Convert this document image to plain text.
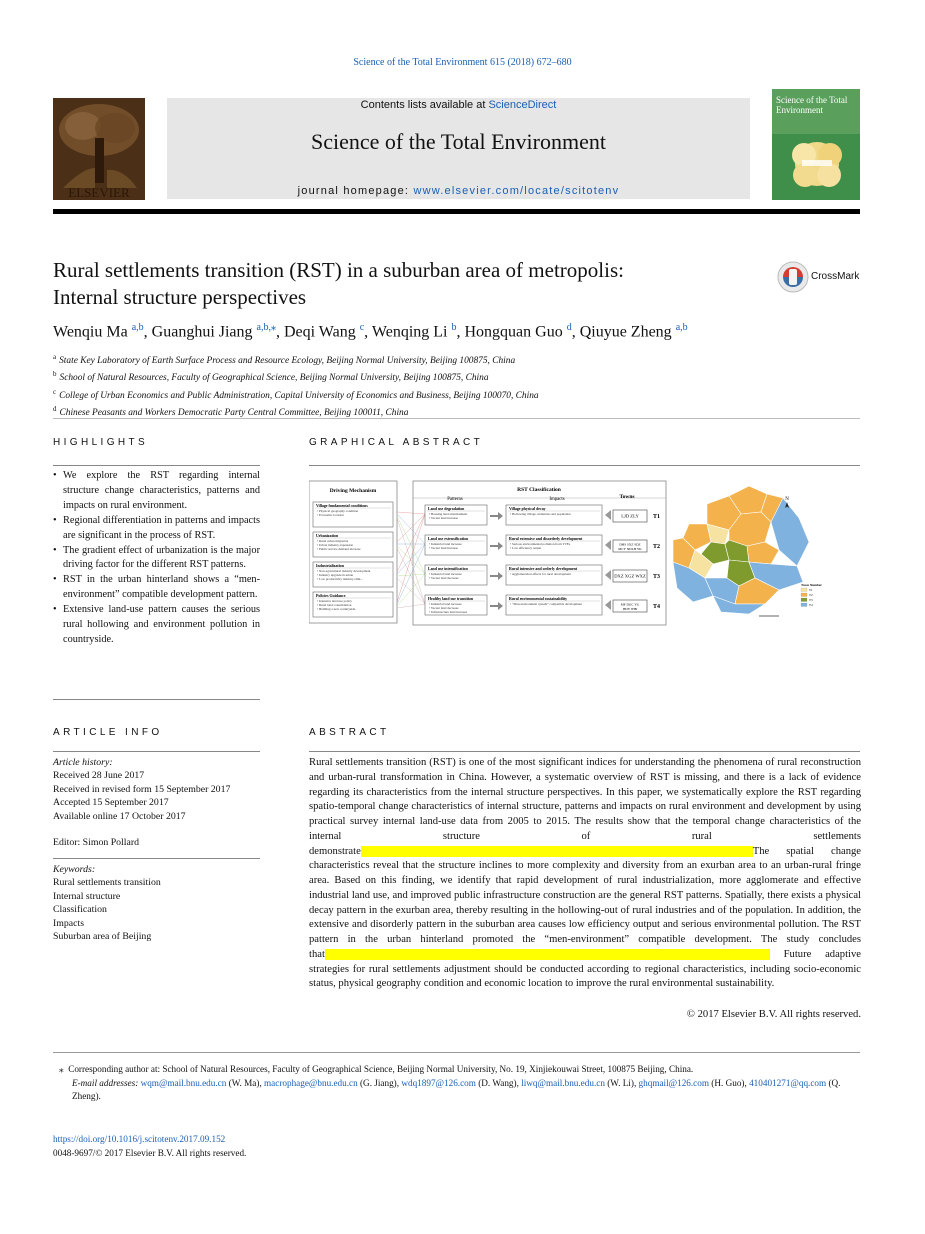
Science of the Total Environment 615 (2018) 672–680
ELSEVIER
Contents lists available at ScienceDirect
Science of the Total Environment
journal homepage: www.elsevier.com/locate/scitotenv
Science of the Total Environment
Rural settlements transition (RST) in a suburban area of metropolis:
Internal structure perspectives
CrossMark
Wenqiu Ma $^{a,b}$, Guanghui Jiang $^{a,b,⁎}$, Deqi Wang $^c$, Wenqing Li $^b$, Hongquan Guo $^d$, Qiuyue Zheng $^{a,b}$
$^a$ State Key Laboratory of Earth Surface Process and Resource Ecology, Beijing Normal University, Beijing 100875, China
$^b$ School of Natural Resources, Faculty of Geographical Science, Beijing Normal University, Beijing 100875, China
$^c$ College of Urban Economics and Public Administration, Capital University of Economics and Business, Beijing 100070, China
$^d$ Chinese Peasants and Workers Democratic Party Central Committee, Beijing 100011, China
HIGHLIGHTS
• We explore the RST regarding internal structure change characteristics, patterns and impacts on rural environment.
• Regional differentiation in patterns and impacts are significant in the process of RST.
• The gradient effect of urbanization is the major driving factor for the different RST patterns.
• RST in the urban hinterland shows a “men-environment” compatible development pattern.
• Extensive land-use pattern causes the serious rural hollowing and environment pollution in countryside.
GRAPHICAL ABSTRACT
Driving Mechanism	RST Classification
Patterns	Impacts	Towns
Village fundamental conditions
• Physical geography condition
• Economic location
Urbanization
• Rural urban migration
• Urban industry expansion
• Public service demand increase
Industrialization
• Non-agricultural industry development
• Industry upgrade in urban
• Low productivity industry elim...
Policies Guidance
• Intensive land use policy
• Rural land consolidation
• Building a new countryside
Land use degradation
• Housing land abandonment
• Vacant land increase
Land use extensification
• Industrial land increase
• Vacant land increase
Land use intensification
• Industrial land increase
• Vacant land decrease
Healthy land use transition
• Industrial land increase
• Vacant land decrease
• Infrastructure land increase
Village physical decay
• Hollowing village, industries and population
Rural extensive and disorderly development
• Serious environmental pollution from TVEs
• Low efficiency output
Rural intensive and orderly development
• Agglomeration effects for rural development
Rural environmental sustainability
• “Man-environment system” compatible development
LJD ZLY T1
DHS SXZ SDZ
MCY NDLH YK T2
DXZ XGZ WXZ T3
MF DGC YG
BDY JHB	T4
N
Town Number
T1
T2
T3
T4
ARTICLE INFO
Article history:
Received 28 June 2017
Received in revised form 15 September 2017
Accepted 15 September 2017
Available online 17 October 2017
Editor: Simon Pollard
Keywords:
Rural settlements transition
Internal structure
Classification
Impacts
Suburban area of Beijing
ABSTRACT

Rural settlements transition (RST) is one of the most significant indices for understanding the phenomena of rural reconstruction and urban-rural transformation in China. However, a systematic overview of RST is missing, and there is a lack of evidence regarding its characteristics from the internal structure perspectives. In this paper, we systematically explore the RST regarding spatio-temporal change characteristics of internal structure, patterns and impacts on rural environment and development by using practical survey internal land-use data from 2005 to 2015. The results show that the temporal change characteristics of the internal structure of rural settlements demonstrate                                     	The spatial change characteristics reveal that the structure inclines to more complexity and diversity from an exurban area to an urban-rural fringe area. Based on this finding, we identify that rapid development of rural industrialization, more agglomerate and effective industrial land use, and improved public infrastructure construction are the general RST patterns. Spatially, there exists a physical decay pattern in the exurban area, thereby resulting in the hollowing-out of rural industries and of the population. In addition, the extensive and disorderly pattern in the suburban area causes low efficiency output and serious environmental pollution. The RST pattern in the urban hinterland promoted the “men-environment” compatible development. The study concludes that                                          	Future adaptive strategies for rural settlements adjustment should be conducted according to regional characteristics, including socio-economic status, physical geography condition and economic location to improve the rural environmental sustainability.

© 2017 Elsevier B.V. All rights reserved.
⁎ Corresponding author at: School of Natural Resources, Faculty of Geographical Science, Beijing Normal University, No. 19, Xinjiekouwai Street, 100875 Beijing, China.
E-mail addresses: wqm@mail.bnu.edu.cn (W. Ma), macrophage@bnu.edu.cn (G. Jiang), wdq1897@126.com (D. Wang), liwq@mail.bnu.edu.cn (W. Li), ghqmail@126.com (H. Guo), 410401271@qq.com (Q. Zheng).
https://doi.org/10.1016/j.scitotenv.2017.09.152
0048-9697/© 2017 Elsevier B.V. All rights reserved.
